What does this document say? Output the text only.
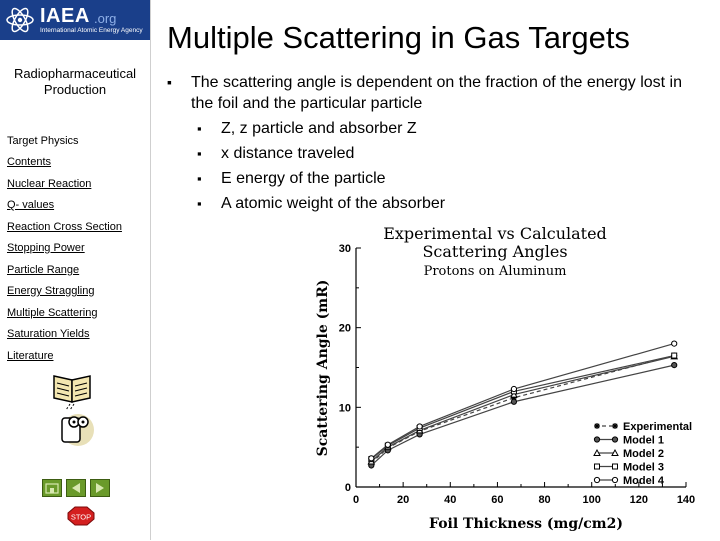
IAEA .org
International Atomic Energy Agency
Radiopharmaceutical
Production
Target Physics
Contents
Nuclear Reaction
Q- values
Reaction Cross Section
Stopping Power
Particle Range
Energy Straggling
Multiple Scattering
Saturation Yields
Literature
STOP
Multiple Scattering in Gas Targets
▪ The scattering angle is dependent on the fraction of the energy lost in the foil and the particular particle
▪ Z, z particle and absorber Z
▪ x distance traveled
▪ E energy of the particle
▪ A atomic weight of the absorber
Experimental vs Calculated
Scattering Angles
Protons on Aluminum
0	20	40	60	80	100	120	140
0
10
20
30
Experimental
Model 1
Model 2
Model 3
Model 4
Foil Thickness (mg/cm2)
Scattering Angle (mR)
